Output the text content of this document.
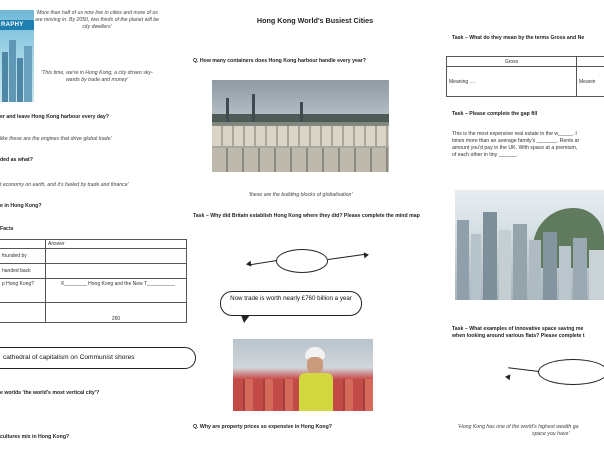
RAPHY
'More than half of us now live in cities and more of us are moving in. By 2050, two thirds of the planet will be city dwellers'
'This time, we're in Hong Kong, a city driven sky-wards by trade and money'
er and leave Hong Kong harbour every day?
like these are the engines that drive global trade'
ded as what?
t economy on earth, and it's fueled by trade and finance'
e in Hong Kong?
Facts
	Answer
founded by	
handed back	
p Hong Kong?	K________ Hong Kong and the New T__________
	260
cathedral of capitalism on Communist shores
e worlds 'the world's most vertical city'?
cultures mix in Hong Kong?
Hong Kong World's Busiest Cities
Q. How many containers does Hong Kong harbour handle every year?
'these are the building blocks of globalisation'
Task – Why did Britain establish Hong Kong where they did? Please complete the mind map
Now trade is worth nearly £760 billion a year
Q. Why are property prices so expensive in Hong Kong?
Task – What do they mean by the terms Gross and Ne
Gross	
Meaning ....	Meanin
Task – Please complete the gap fill
This is the most expensive real estate in the w_____. I
times more than an average family's _______. Rents ar
amount you'd pay in the UK. With space at a premium,
of each other in tiny ______.
Task – What examples of innovative space saving me
when looking around various flats? Please complete t
'Hong Kong has one of the world's highest wealth ga
space you have'
